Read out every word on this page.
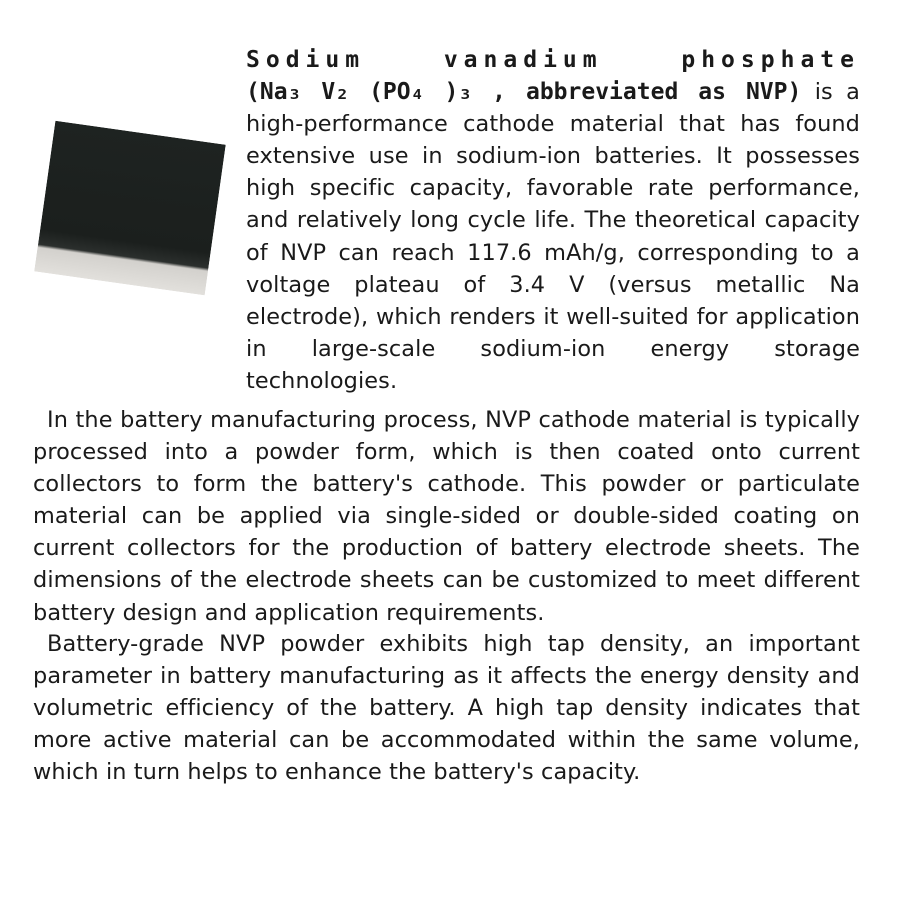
Sodium vanadium phosphate
(Na₃ V₂ (PO₄ )₃ , abbreviated as NVP) is a high-performance cathode material that has found extensive use in sodium-ion batteries. It possesses high specific capacity, favorable rate performance, and relatively long cycle life. The theoretical capacity of NVP can reach 117.6 mAh/g, corresponding to a voltage plateau of 3.4 V (versus metallic Na electrode), which renders it well-suited for application in large-scale sodium-ion energy storage technologies.
In the battery manufacturing process, NVP cathode material is typically processed into a powder form, which is then coated onto current collectors to form the battery's cathode. This powder or particulate material can be applied via single-sided or double-sided coating on current collectors for the production of battery electrode sheets. The dimensions of the electrode sheets can be customized to meet different battery design and application requirements.
Battery-grade NVP powder exhibits high tap density, an important parameter in battery manufacturing as it affects the energy density and volumetric efficiency of the battery. A high tap density indicates that more active material can be accommodated within the same volume, which in turn helps to enhance the battery's capacity.
